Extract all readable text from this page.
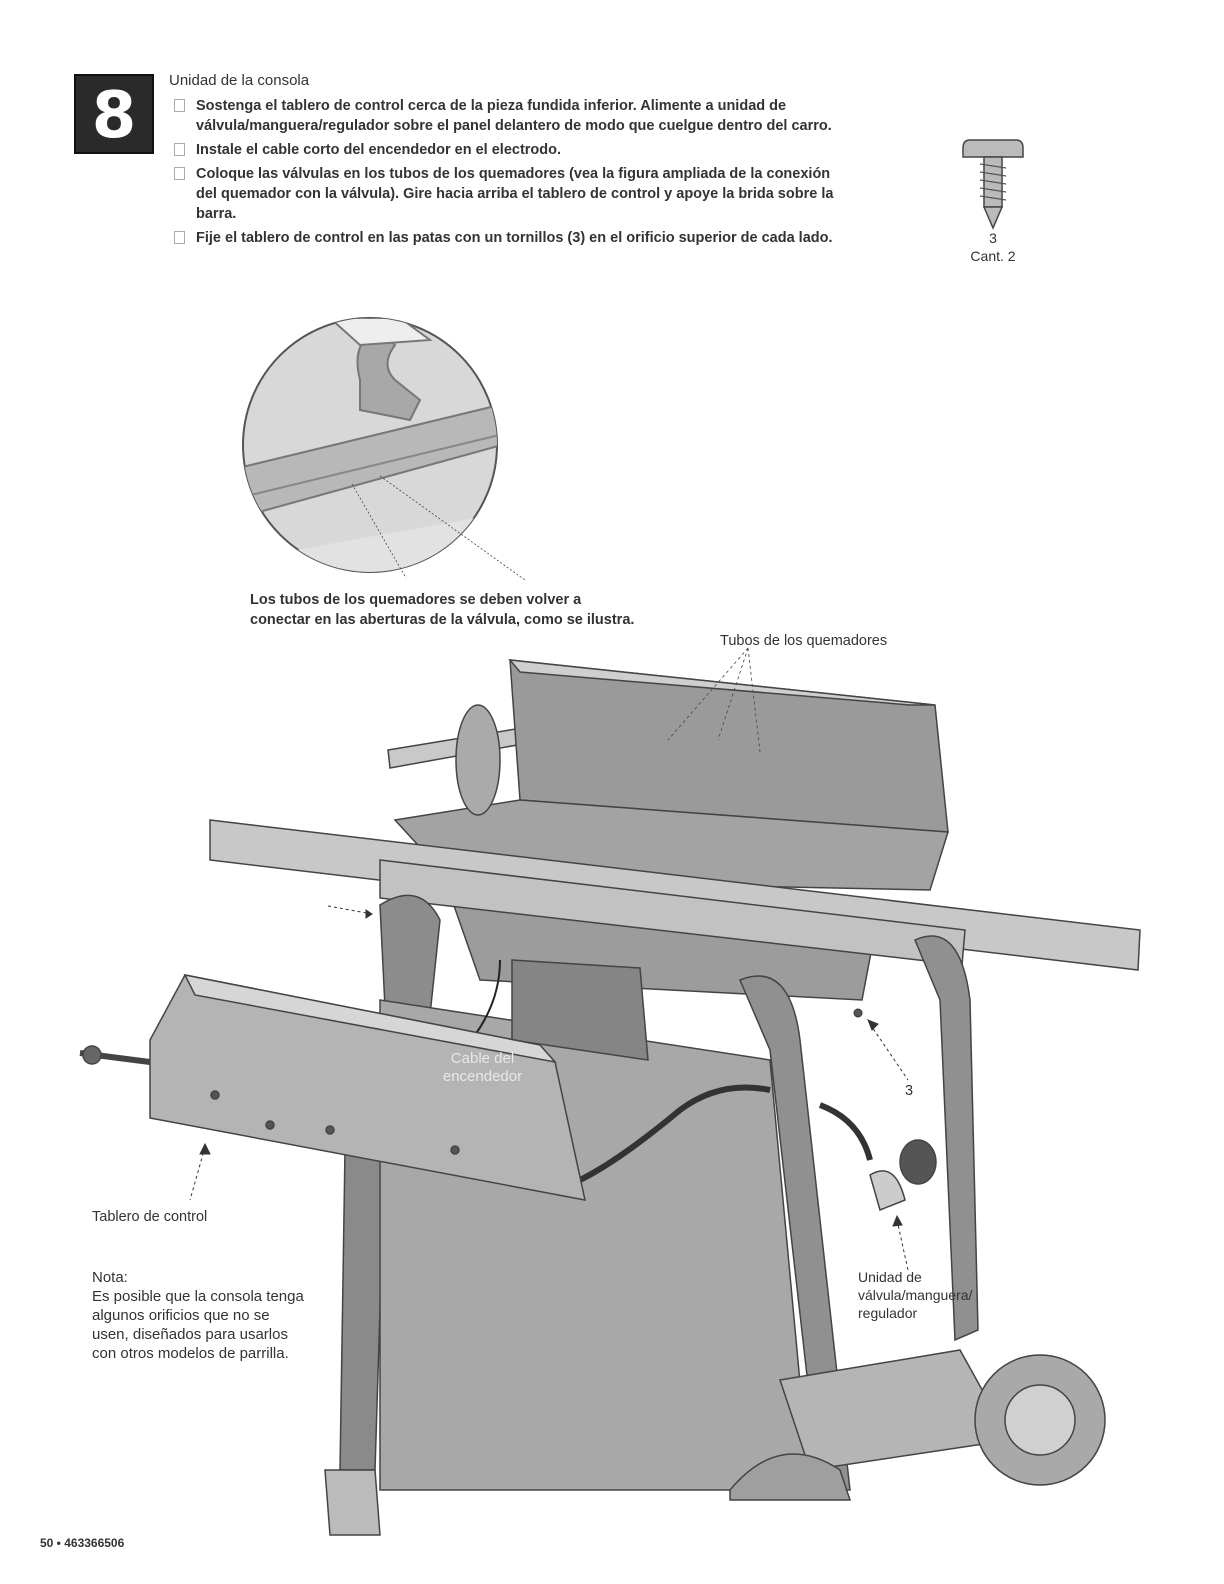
8	Unidad de la consola
Sostenga el tablero de control cerca de la pieza fundida inferior. Alimente a unidad de válvula/manguera/regulador sobre el panel delantero de modo que cuelgue dentro del carro.
Instale el cable corto del encendedor en el electrodo.
Coloque las válvulas en los tubos de los quemadores (vea la figura ampliada de la conexión del quemador con la válvula). Gire hacia arriba el tablero de control y apoye la brida sobre la barra.
Fije el tablero de control en las patas con un tornillos (3) en el orificio superior de cada lado.	3
Cant. 2
Los tubos de los quemadores se deben volver a
conectar en las aberturas de la válvula, como se ilustra.
Tubos de los quemadores
3
Cable del
encendedor
Tablero de control
Unidad de
válvula/manguera/
regulador
Nota:
Es posible que la consola tenga
algunos orificios que no se
usen, diseñados para usarlos
con otros modelos de parrilla.
50 • 463366506
